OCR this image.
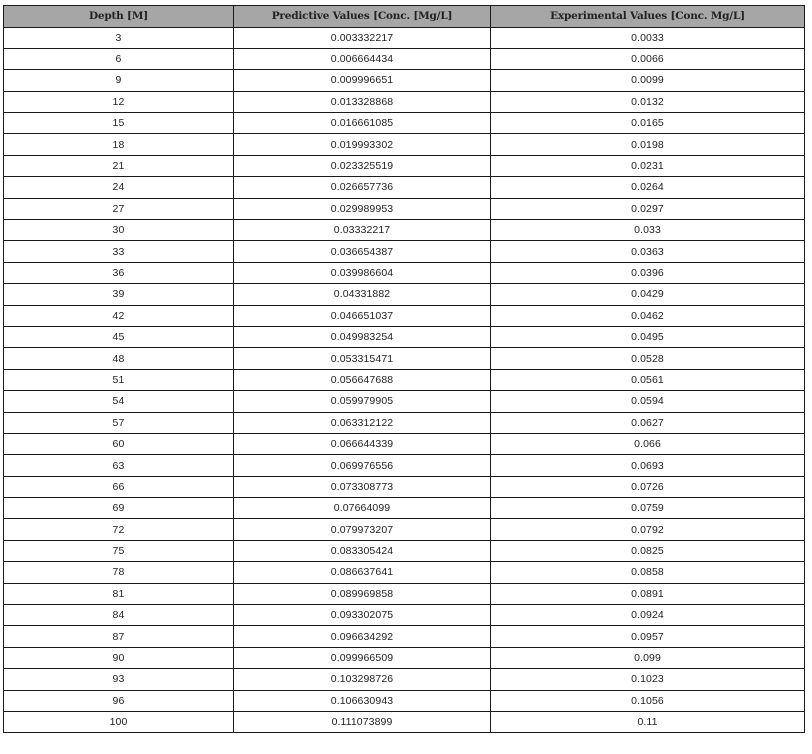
Depth [M]	Predictive Values [Conc. [Mg/L]	Experimental Values [Conc. Mg/L]
3	0.003332217	0.0033
6	0.006664434	0.0066
9	0.009996651	0.0099
12	0.013328868	0.0132
15	0.016661085	0.0165
18	0.019993302	0.0198
21	0.023325519	0.0231
24	0.026657736	0.0264
27	0.029989953	0.0297
30	0.03332217	0.033
33	0.036654387	0.0363
36	0.039986604	0.0396
39	0.04331882	0.0429
42	0.046651037	0.0462
45	0.049983254	0.0495
48	0.053315471	0.0528
51	0.056647688	0.0561
54	0.059979905	0.0594
57	0.063312122	0.0627
60	0.066644339	0.066
63	0.069976556	0.0693
66	0.073308773	0.0726
69	0.07664099	0.0759
72	0.079973207	0.0792
75	0.083305424	0.0825
78	0.086637641	0.0858
81	0.089969858	0.0891
84	0.093302075	0.0924
87	0.096634292	0.0957
90	0.099966509	0.099
93	0.103298726	0.1023
96	0.106630943	0.1056
100	0.111073899	0.11
